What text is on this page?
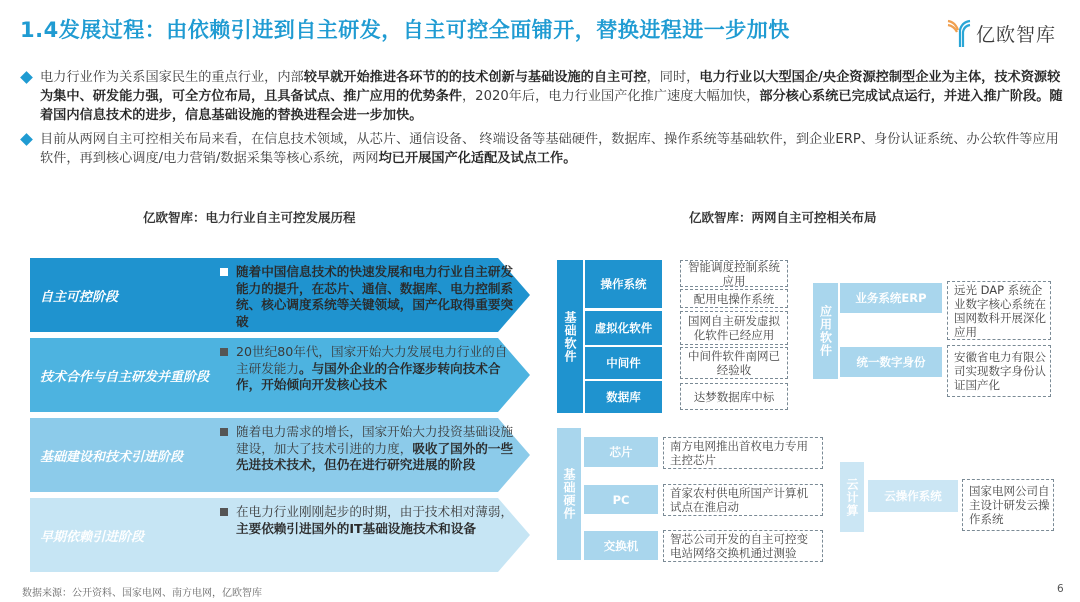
1.4发展过程：由依赖引进到自主研发，自主可控全面铺开，替换进程进一步加快	亿欧智库
电力行业作为关系国家民生的重点行业，内部较早就开始推进各环节的的技术创新与基础设施的自主可控，同时，电力行业以大型国企/央企资源控制型企业为主体，技术资源较为集中、研发能力强，可全方位布局，且具备试点、推广应用的优势条件，2020年后，电力行业国产化推广速度大幅加快，部分核心系统已完成试点运行，并进入推广阶段。随着国内信息技术的进步，信息基础设施的替换进程会进一步加快。
目前从两网自主可控相关布局来看，在信息技术领域，从芯片、通信设备、 终端设备等基础硬件，数据库、操作系统等基础软件，到企业ERP、身份认证系统、办公软件等应用软件，再到核心调度/电力营销/数据采集等核心系统，两网均已开展国产化适配及试点工作。
亿欧智库：电力行业自主可控发展历程
自主可控阶段
随着中国信息技术的快速发展和电力行业自主研发能力的提升，在芯片、通信、数据库、电力控制系统、核心调度系统等关键领域，国产化取得重要突破
技术合作与自主研发并重阶段
20世纪80年代，国家开始大力发展电力行业的自主研发能力。与国外企业的合作逐步转向技术合作，开始倾向开发核心技术
基础建设和技术引进阶段
随着电力需求的增长，国家开始大力投资基础设施建设，加大了技术引进的力度，吸收了国外的一些先进技术技术，但仍在进行研究进展的阶段
早期依赖引进阶段
在电力行业刚刚起步的时期，由于技术相对薄弱，主要依赖引进国外的IT基础设施技术和设备
亿欧智库：两网自主可控相关布局
基础软件
操作系统
虚拟化软件
中间件
数据库
智能调度控制系统应用
配用电操作系统
国网自主研发虚拟化软件已经应用
中间件软件南网已经验收
达梦数据库中标
应用软件
业务系统ERP
统一数字身份
远光 DAP 系统企业数字核心系统在国网数科开展深化应用
安徽省电力有限公司实现数字身份认证国产化
基础硬件
芯片
PC
交换机
南方电网推出首枚电力专用主控芯片
首家农村供电所国产计算机试点在淮启动
智芯公司开发的自主可控变电站网络交换机通过测验
云计算	云操作系统	国家电网公司自主设计研发云操作系统
数据来源：公开资料、国家电网、南方电网，亿欧智库	6
